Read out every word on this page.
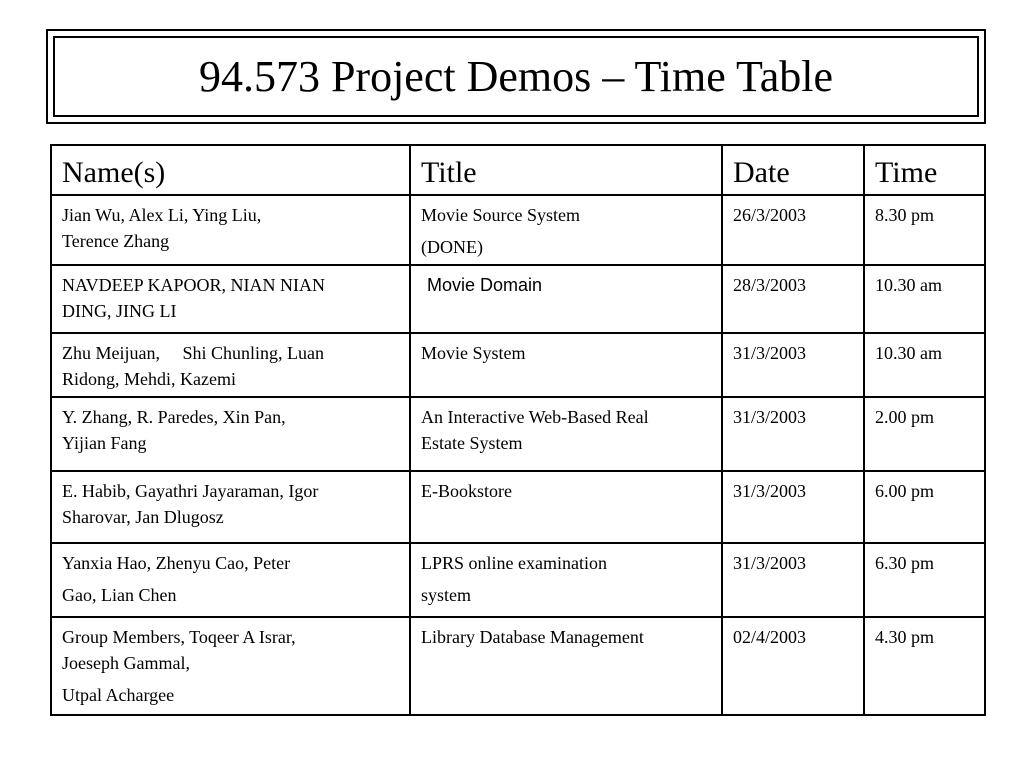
94.573 Project Demos – Time Table
Name(s)	Title	Date	Time

Jian Wu, Alex Li, Ying Liu,
Terence Zhang	Movie Source System
(DONE)	26/3/2003	8.30 pm

NAVDEEP KAPOOR, NIAN NIAN
DING, JING LI	Movie Domain	28/3/2003	10.30 am

Zhu Meijuan,     Shi Chunling, Luan
Ridong, Mehdi, Kazemi	Movie System	31/3/2003	10.30 am

Y. Zhang, R. Paredes, Xin Pan,
Yijian Fang	An Interactive Web-Based Real
Estate System	31/3/2003	2.00 pm

E. Habib, Gayathri Jayaraman, Igor
Sharovar, Jan Dlugosz	E-Bookstore	31/3/2003	6.00 pm

Yanxia Hao, Zhenyu Cao, Peter
Gao, Lian Chen	LPRS online examination
system	31/3/2003	6.30 pm

Group Members, Toqeer A Israr,
Joeseph Gammal,
Utpal Achargee	Library Database Management	02/4/2003	4.30 pm
